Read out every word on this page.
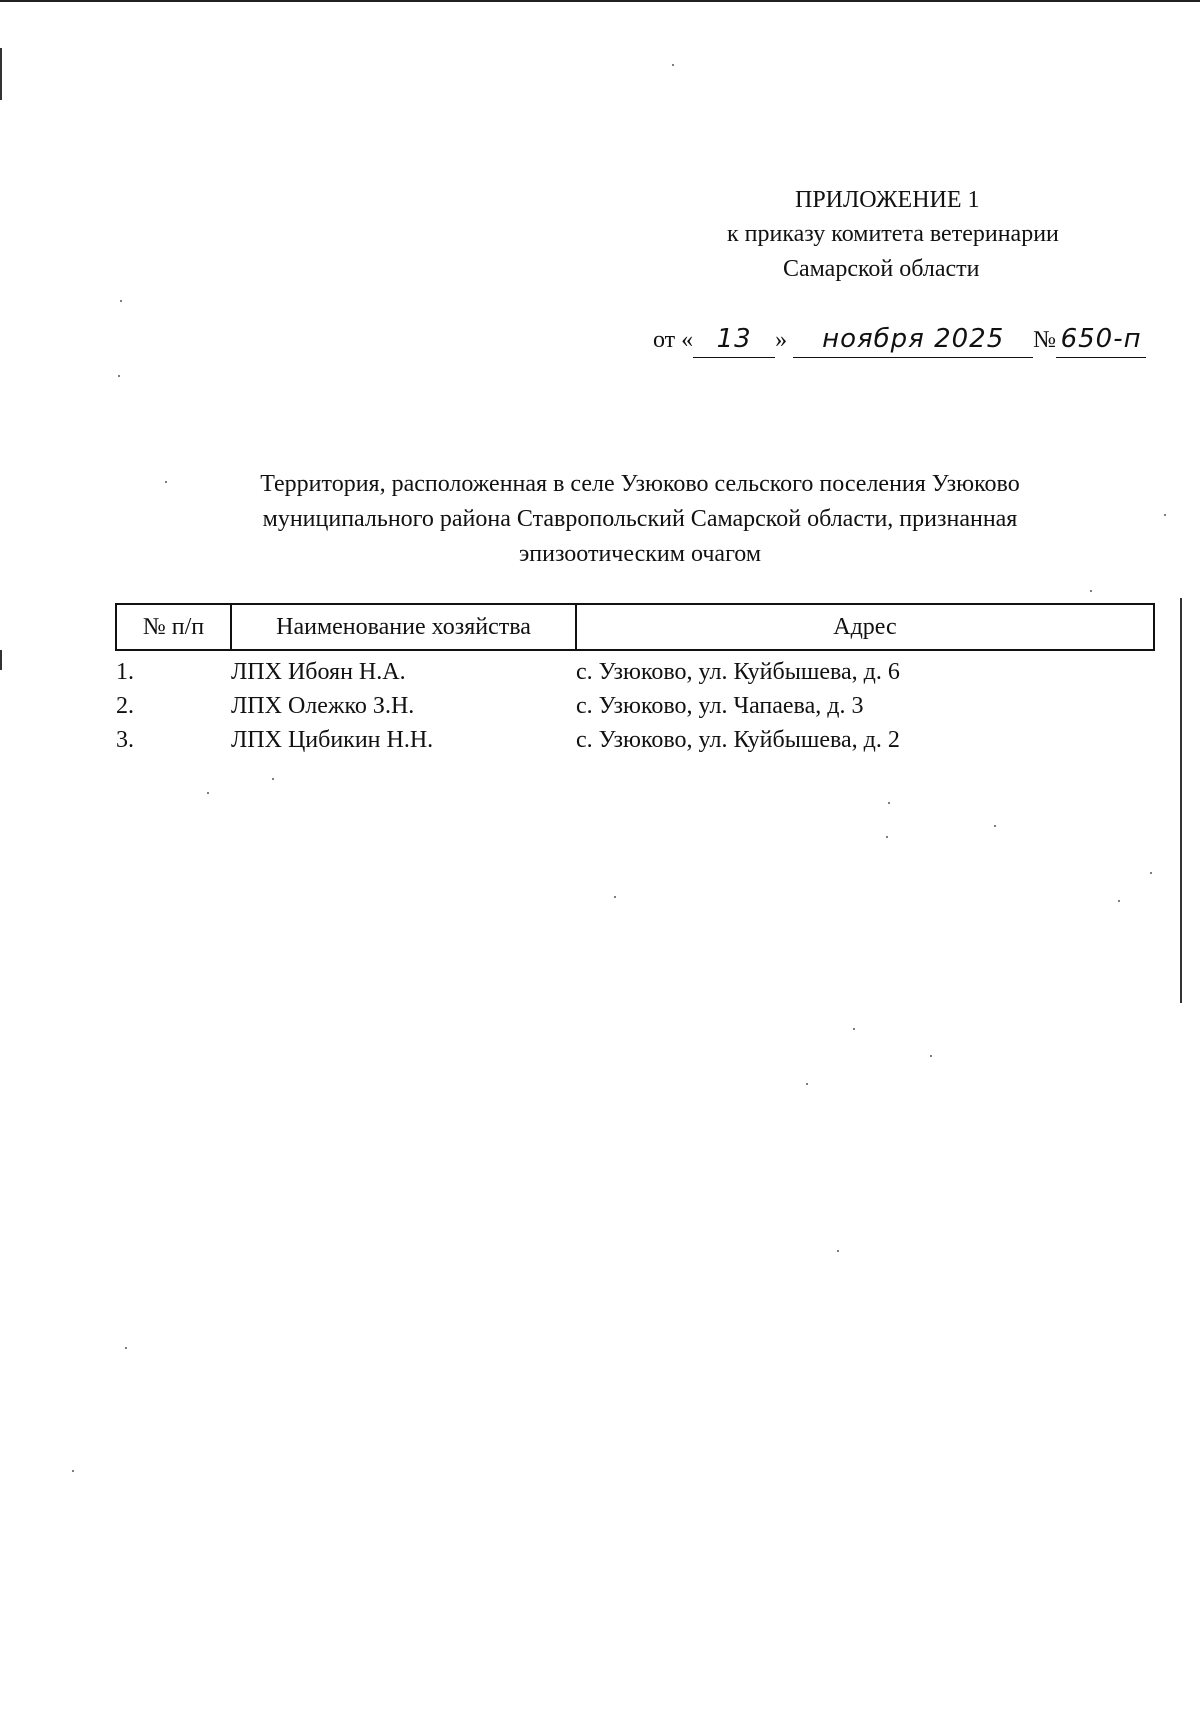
ПРИЛОЖЕНИЕ 1
к приказу комитета ветеринарии
Самарской области
от « 13 » ноября 2025 № 650-п
Территория, расположенная в селе Узюково сельского поселения Узюково
муниципального района Ставропольский Самарской области, признанная
эпизоотическим очагом
№ п/п	Наименование хозяйства	Адрес
1.	ЛПХ Ибоян Н.А.	с. Узюково, ул. Куйбышева, д. 6
2.	ЛПХ Олежко З.Н.	с. Узюково, ул. Чапаева, д. 3
3.	ЛПХ Цибикин Н.Н.	с. Узюково, ул. Куйбышева, д. 2
